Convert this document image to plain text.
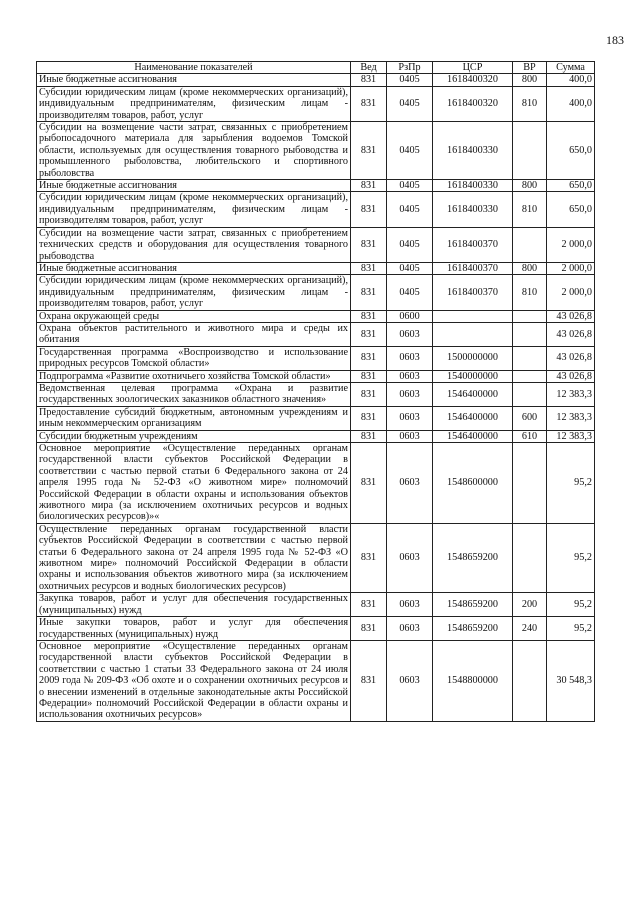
183
Наименование показателей	Вед	РзПр	ЦСР	ВР	Сумма
Иные бюджетные ассигнования	831	0405	1618400320	800	400,0
Субсидии юридическим лицам (кроме некоммерческих организаций), индивидуальным предпринимателям, физическим лицам - производителям товаров, работ, услуг	831	0405	1618400320	810	400,0
Субсидии на возмещение части затрат, связанных с приобретением рыбопосадочного материала для зарыбления водоемов Томской области, используемых для осуществления товарного рыбоводства и промышленного рыболовства, любительского и спортивного рыболовства	831	0405	1618400330		650,0
Иные бюджетные ассигнования	831	0405	1618400330	800	650,0
Субсидии юридическим лицам (кроме некоммерческих организаций), индивидуальным предпринимателям, физическим лицам - производителям товаров, работ, услуг	831	0405	1618400330	810	650,0
Субсидии на возмещение части затрат, связанных с приобретением технических средств и оборудования для осуществления товарного рыбоводства	831	0405	1618400370		2 000,0
Иные бюджетные ассигнования	831	0405	1618400370	800	2 000,0
Субсидии юридическим лицам (кроме некоммерческих организаций), индивидуальным предпринимателям, физическим лицам - производителям товаров, работ, услуг	831	0405	1618400370	810	2 000,0
Охрана окружающей среды	831	0600			43 026,8
Охрана объектов растительного и животного мира и среды их обитания	831	0603			43 026,8
Государственная программа «Воспроизводство и использование природных ресурсов Томской области»	831	0603	1500000000		43 026,8
Подпрограмма «Развитие охотничьего хозяйства Томской области»	831	0603	1540000000		43 026,8
Ведомственная целевая программа «Охрана и развитие государственных зоологических заказников областного значения»	831	0603	1546400000		12 383,3
Предоставление субсидий бюджетным, автономным учреждениям и иным некоммерческим организациям	831	0603	1546400000	600	12 383,3
Субсидии бюджетным учреждениям	831	0603	1546400000	610	12 383,3
Основное мероприятие «Осуществление переданных органам государственной власти субъектов Российской Федерации в соответствии с частью первой статьи 6 Федерального закона от 24 апреля 1995 года № 52-ФЗ «О животном мире» полномочий Российской Федерации в области охраны и использования объектов животного мира (за исключением охотничьих ресурсов и водных биологических ресурсов)»«	831	0603	1548600000		95,2
Осуществление переданных органам государственной власти субъектов Российской Федерации в соответствии с частью первой статьи 6 Федерального закона от 24 апреля 1995 года № 52-ФЗ «О животном мире» полномочий Российской Федерации в области охраны и использования объектов животного мира (за исключением охотничьих ресурсов и водных биологических ресурсов)	831	0603	1548659200		95,2
Закупка товаров, работ и услуг для обеспечения государственных (муниципальных) нужд	831	0603	1548659200	200	95,2
Иные закупки товаров, работ и услуг для обеспечения государственных (муниципальных) нужд	831	0603	1548659200	240	95,2
Основное мероприятие «Осуществление переданных органам государственной власти субъектов Российской Федерации в соответствии с частью 1 статьи 33 Федерального закона от 24 июля 2009 года № 209-ФЗ «Об охоте и о сохранении охотничьих ресурсов и о внесении изменений в отдельные законодательные акты Российской Федерации» полномочий Российской Федерации в области охраны и использования охотничьих ресурсов»	831	0603	1548800000		30 548,3
